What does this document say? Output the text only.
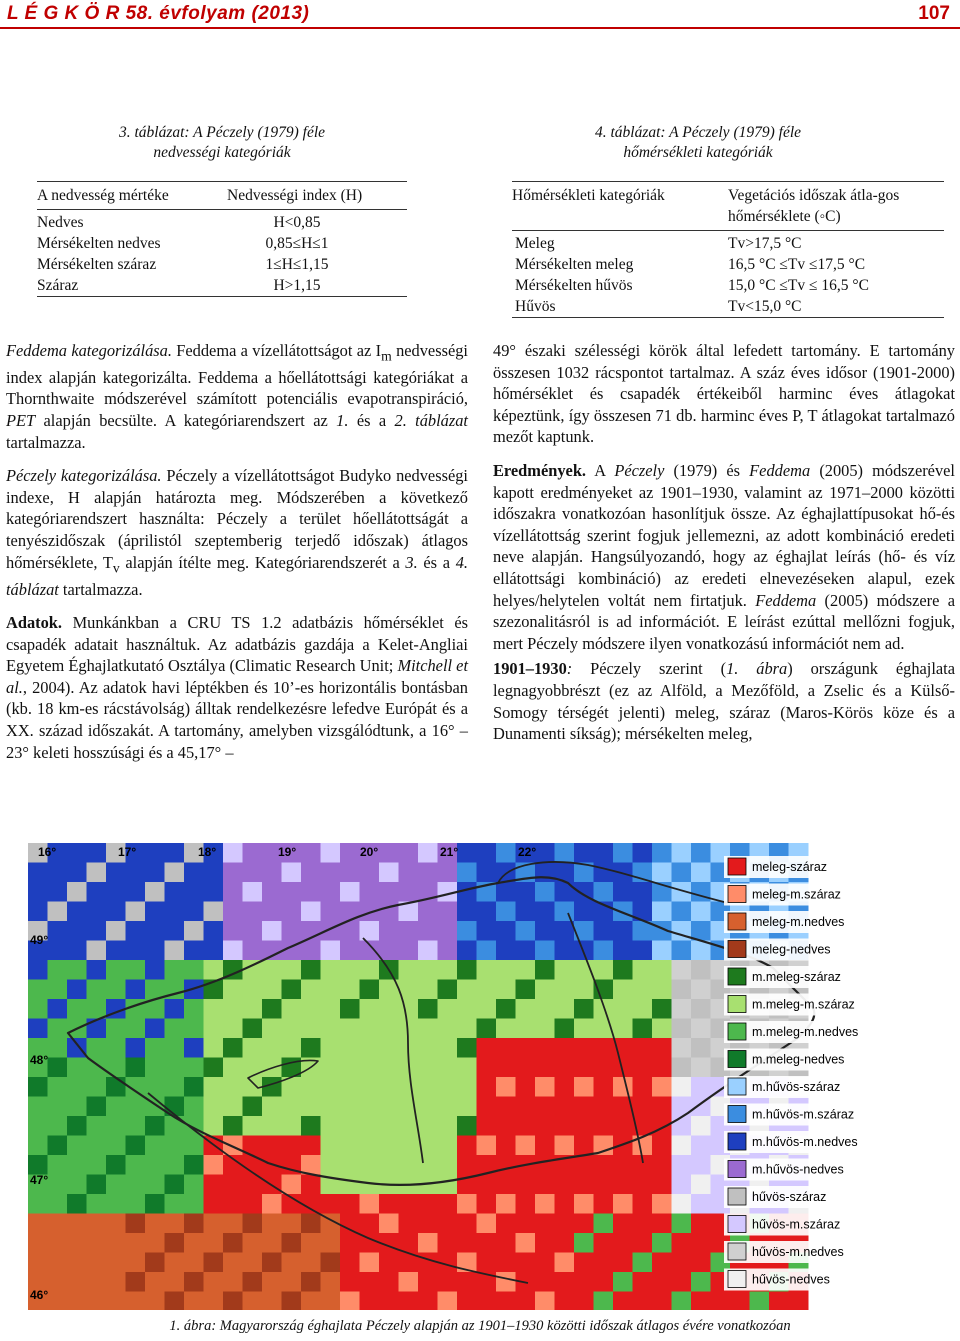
L É G K Ö R 58. évfolyam (2013)	107
3. táblázat: A Péczely (1979) féle
nedvességi kategóriák
A nedvesség mértéke	Nedvességi index (H)
Nedves	H<0,85
Mérsékelten nedves	0,85≤H≤1
Mérsékelten száraz	1≤H≤1,15
Száraz	H>1,15
4. táblázat: A Péczely (1979) féle
hőmérsékleti kategóriák
Hőmérsékleti kategóriák	Vegetációs időszak átla-gos hőmérséklete (◦C)
Meleg	Tv>17,5 °C
Mérsékelten meleg	16,5 °C ≤Tv ≤17,5 °C
Mérsékelten hűvös	15,0 °C ≤Tv ≤ 16,5 °C
Hűvös	Tv<15,0 °C

Feddema kategorizálása. Feddema a vízellátottságot az $I_m$ nedvességi index alapján kategorizálta. Feddema a hőellátottsági kategóriákat a Thornthwaite módszerével számított potenciális evapotranspiráció, PET alapján becsülte. A kategóriarendszert az 1. és a 2. táblázat tartalmazza.

Péczely kategorizálása. Péczely a vízellátottságot Budyko nedvességi indexe, H alapján határozta meg. Módszerében a következő kategóriarendszert használta: Péczely a terület hőellátottságát a tenyészidőszak (áprilistól szeptemberig terjedő időszak) átlagos hőmérséklete, $T_v$ alapján ítélte meg. Kategóriarendszerét a 3. és a 4. táblázat tartalmazza.

Adatok. Munkánkban a CRU TS 1.2 adatbázis hőmérséklet és csapadék adatait használtuk. Az adatbázis gazdája a Kelet-Angliai Egyetem Éghajlatkutató Osztálya (Climatic Research Unit; Mitchell et al., 2004). Az adatok havi léptékben és 10’-es horizontális bontásban (kb. 18 km-es rácstávolság) álltak rendelkezésre lefedve Európát és a XX. század időszakát. A tartomány, amelyben vizsgálódtunk, a 16° – 23° keleti hosszúsági és a 45,17° –

49° északi szélességi körök által lefedett tartomány. E tartomány összesen 1032 rácspontot tartalmaz. A száz éves idősor (1901-2000) hőmérséklet és csapadék értékeiből harminc éves átlagokat képeztünk, így összesen 71 db. harminc éves P, T átlagokat tartalmazó mezőt kaptunk.

Eredmények. A Péczely (1979) és Feddema (2005) módszerével kapott eredményeket az 1901–1930, valamint az 1971–2000 közötti időszakra vonatkozóan hasonlítjuk össze. Az éghajlattípusokat hő-és vízellátottság szerint fogjuk jellemezni, az adott kombináció eredeti neve alapján. Hangsúlyozandó, hogy az éghajlat leírás (hő- és víz ellátottsági kombináció) az eredeti elnevezéseken alapul, ezek helyes/helytelen voltát nem firtatjuk. Feddema (2005) módszere a szezonalitásról is ad információt. E leírást ezúttal mellőzni fogjuk, mert Péczely módszere ilyen vonatkozású információt nem ad.

1901–1930: Péczely szerint (1. ábra) országunk éghajlata legnagyobbrészt (ez az Alföld, a Mezőföld, a Zselic és a Külső-Somogy térségét jelenti) meleg, száraz (Maros-Körös köze és a Dunamenti síkság); mérsékelten meleg,

meleg-száraz
meleg-m.száraz
meleg-m.nedves
meleg-nedves
m.meleg-száraz
m.meleg-m.száraz
m.meleg-m.nedves
m.meleg-nedves
m.hűvös-száraz
m.hűvös-m.száraz
m.hűvös-m.nedves
m.hűvös-nedves
hűvös-száraz
hűvös-m.száraz
hűvös-m.nedves
hűvös-nedves
16°	17°	18°	19°	20°	21°	22°
49°
48°
47°
46°
1. ábra: Magyarország éghajlata Péczely alapján az 1901–1930 közötti időszak átlagos évére vonatkozóan
